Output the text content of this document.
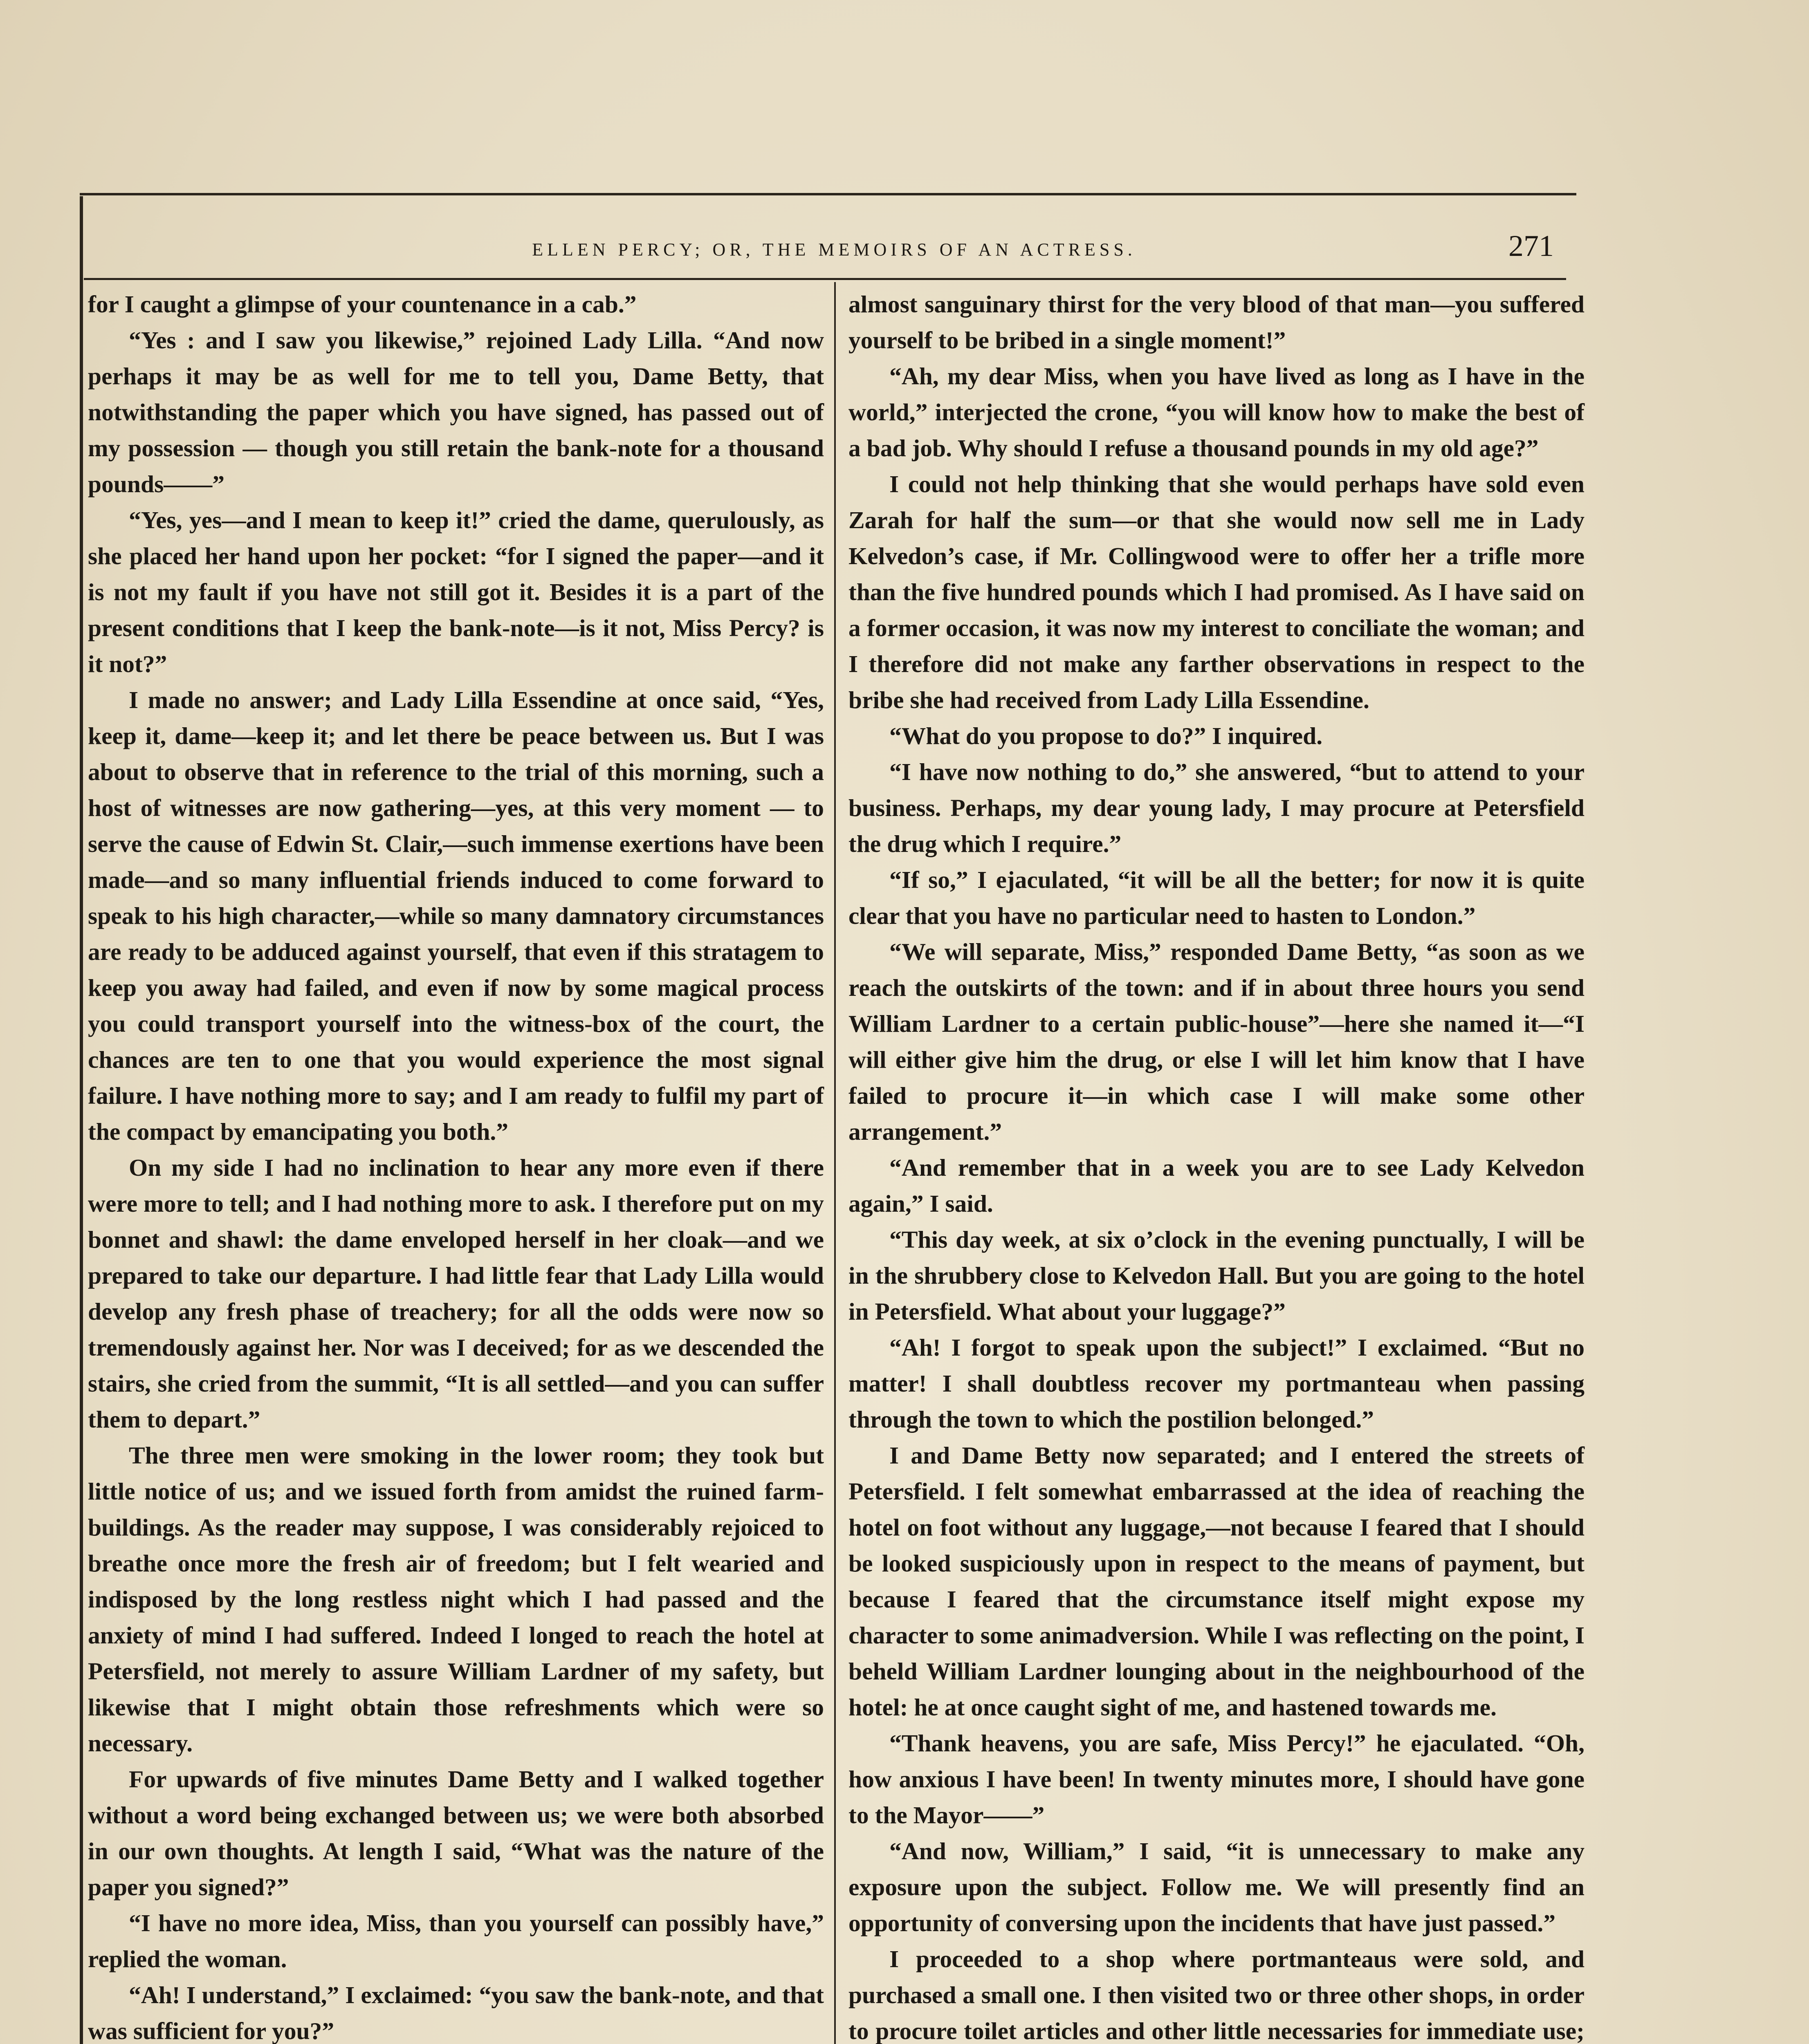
ELLEN PERCY; OR, THE MEMOIRS OF AN ACTRESS.	271

for I caught a glimpse of your countenance in a cab.”

“Yes : and I saw you likewise,” rejoined Lady Lilla. “And now perhaps it may be as well for me to tell you, Dame Betty, that notwithstanding the paper which you have signed, has passed out of my possession — though you still retain the bank-note for a thousand pounds——”

“Yes, yes—and I mean to keep it!” cried the dame, querulously, as she placed her hand upon her pocket: “for I signed the paper—and it is not my fault if you have not still got it. Besides it is a part of the present conditions that I keep the bank-note—is it not, Miss Percy? is it not?”

I made no answer; and Lady Lilla Essendine at once said, “Yes, keep it, dame—keep it; and let there be peace between us. But I was about to observe that in reference to the trial of this morning, such a host of witnesses are now gathering—yes, at this very moment — to serve the cause of Edwin St. Clair,—such immense exertions have been made—and so many influential friends induced to come forward to speak to his high character,—while so many damnatory circumstances are ready to be adduced against yourself, that even if this stratagem to keep you away had failed, and even if now by some magical process you could transport yourself into the witness-box of the court, the chances are ten to one that you would experience the most signal failure. I have nothing more to say; and I am ready to fulfil my part of the compact by emancipating you both.”

On my side I had no inclination to hear any more even if there were more to tell; and I had nothing more to ask. I therefore put on my bonnet and shawl: the dame enveloped herself in her cloak—and we prepared to take our departure. I had little fear that Lady Lilla would develop any fresh phase of treachery; for all the odds were now so tremendously against her. Nor was I deceived; for as we descended the stairs, she cried from the summit, “It is all settled—and you can suffer them to depart.”

The three men were smoking in the lower room; they took but little notice of us; and we issued forth from amidst the ruined farm-buildings. As the reader may suppose, I was considerably rejoiced to breathe once more the fresh air of freedom; but I felt wearied and indisposed by the long restless night which I had passed and the anxiety of mind I had suffered. Indeed I longed to reach the hotel at Petersfield, not merely to assure William Lardner of my safety, but likewise that I might obtain those refreshments which were so necessary.

For upwards of five minutes Dame Betty and I walked together without a word being exchanged between us; we were both absorbed in our own thoughts. At length I said, “What was the nature of the paper you signed?”

“I have no more idea, Miss, than you yourself can possibly have,” replied the woman.

“Ah! I understand,” I exclaimed: “you saw the bank-note, and that was sufficient for you?”

almost sanguinary thirst for the very blood of that man—you suffered yourself to be bribed in a single moment!”

“Ah, my dear Miss, when you have lived as long as I have in the world,” interjected the crone, “you will know how to make the best of a bad job. Why should I refuse a thousand pounds in my old age?”

I could not help thinking that she would perhaps have sold even Zarah for half the sum—or that she would now sell me in Lady Kelvedon’s case, if Mr. Collingwood were to offer her a trifle more than the five hundred pounds which I had promised. As I have said on a former occasion, it was now my interest to conciliate the woman; and I therefore did not make any farther observations in respect to the bribe she had received from Lady Lilla Essendine.

“What do you propose to do?” I inquired.

“I have now nothing to do,” she answered, “but to attend to your business. Perhaps, my dear young lady, I may procure at Petersfield the drug which I require.”

“If so,” I ejaculated, “it will be all the better; for now it is quite clear that you have no particular need to hasten to London.”

“We will separate, Miss,” responded Dame Betty, “as soon as we reach the outskirts of the town: and if in about three hours you send William Lardner to a certain public-house”—here she named it—“I will either give him the drug, or else I will let him know that I have failed to procure it—in which case I will make some other arrangement.”

“And remember that in a week you are to see Lady Kelvedon again,” I said.

“This day week, at six o’clock in the evening punctually, I will be in the shrubbery close to Kelvedon Hall. But you are going to the hotel in Petersfield. What about your luggage?”

“Ah! I forgot to speak upon the subject!” I exclaimed. “But no matter! I shall doubtless recover my portmanteau when passing through the town to which the postilion belonged.”

I and Dame Betty now separated; and I entered the streets of Petersfield. I felt somewhat embarrassed at the idea of reaching the hotel on foot without any luggage,—not because I feared that I should be looked suspiciously upon in respect to the means of payment, but because I feared that the circumstance itself might expose my character to some animadversion. While I was reflecting on the point, I beheld William Lardner lounging about in the neighbourhood of the hotel: he at once caught sight of me, and hastened towards me.

“Thank heavens, you are safe, Miss Percy!” he ejaculated. “Oh, how anxious I have been! In twenty minutes more, I should have gone to the Mayor——”

“And now, William,” I said, “it is unnecessary to make any exposure upon the subject. Follow me. We will presently find an opportunity of conversing upon the incidents that have just passed.”

I proceeded to a shop where portmanteaus were sold, and purchased a small one. I then visited two or three other shops, in order to procure toilet articles and other little necessaries for immediate use;
